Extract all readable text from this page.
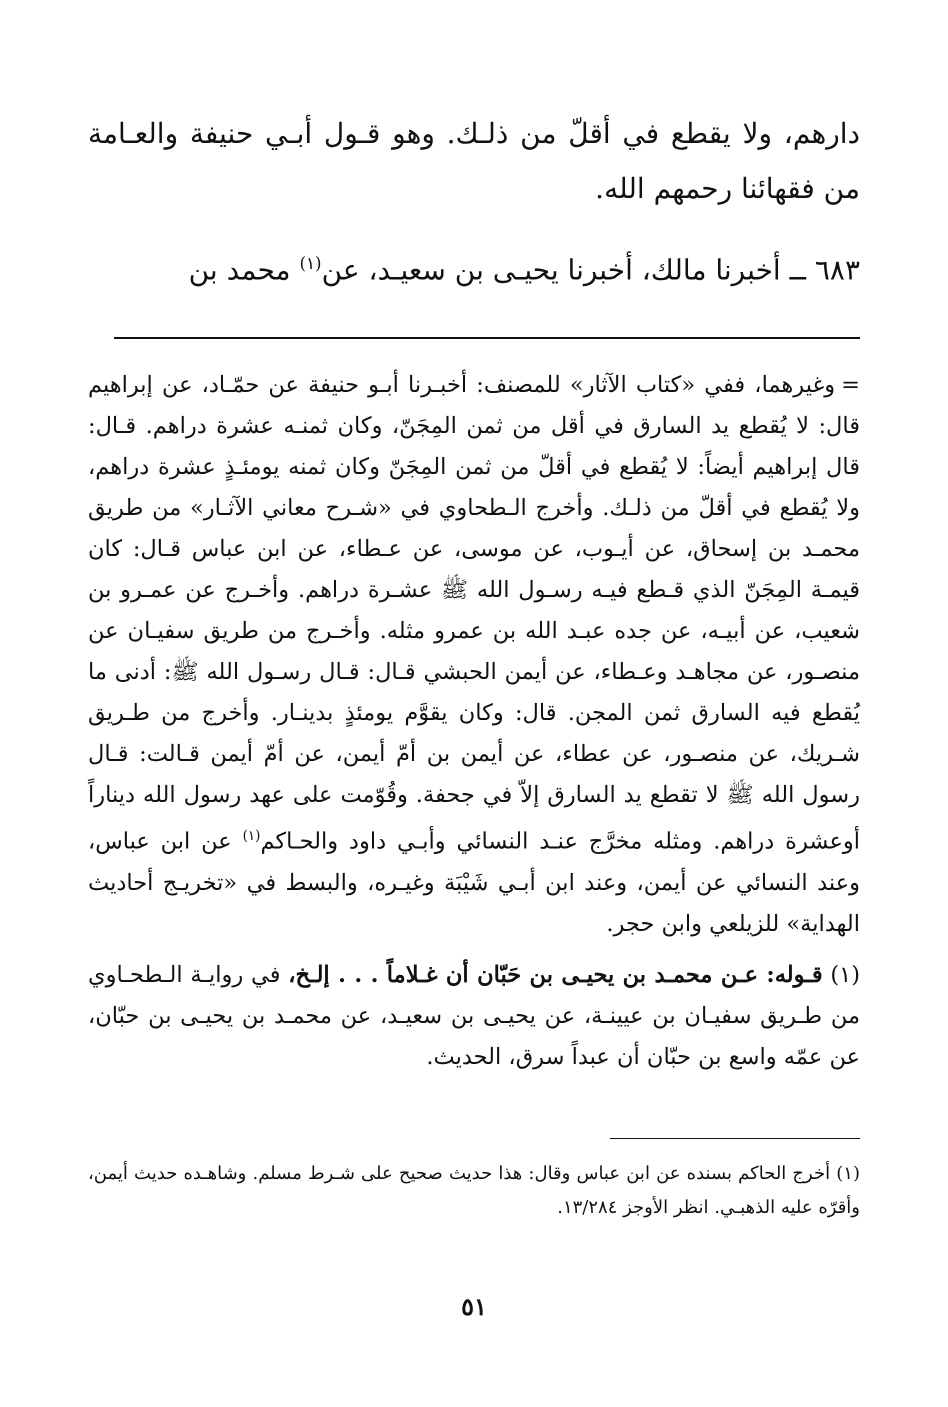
دارهم، ولا يقطع في أقلّ من ذلـك. وهو قـول أبـي حنيفة والعـامة من فقهائنا رحمهم الله.

٦٨٣ ــ أخبرنا مالك، أخبرنا يحيـى بن سعيـد، عن$^{(١)}$ محمد بن

=وغيرهما، ففي «كتاب الآثار» للمصنف: أخبـرنا أبـو حنيفة عن حمّـاد، عن إبراهيم قال: لا يُقطع يد السارق في أقل من ثمن المِجَنّ، وكان ثمنـه عشرة دراهم. قـال: قال إبراهيم أيضاً: لا يُقطع في أقلّ من ثمن المِجَنّ وكان ثمنه يومئـذٍ عشرة دراهم، ولا يُقطع في أقلّ من ذلـك. وأخرج الـطحاوي في «شـرح معاني الآثـار» من طريق محمـد بن إسحاق، عن أيـوب، عن موسى، عن عـطاء، عن ابن عباس قـال: كان قيمـة المِجَنّ الذي قـطع فيـه رسـول الله ﷺ عشـرة دراهم. وأخـرج عن عمـرو بن شعيب، عن أبيـه، عن جده عبـد الله بن عمرو مثله. وأخـرج من طريق سفيـان عن منصـور، عن مجاهـد وعـطاء، عن أيمن الحبشي قـال: قـال رسـول الله ﷺ: أدنى ما يُقطع فيه السارق ثمن المجن. قال: وكان يقوَّم يومئذٍ بدينـار. وأخرج من طـريق شـريك، عن منصـور، عن عطاء، عن أيمن بن أمّ أيمن، عن أمّ أيمن قـالت: قـال رسول الله ﷺ لا تقطع يد السارق إلاّ في جحفة. وقُوّمت على عهد رسول الله ديناراً أوعشرة دراهم. ومثله مخرَّج عنـد النسائي وأبـي داود والحـاكم$^{(١)}$ عن ابن عباس، وعند النسائي عن أيمن، وعند ابن أبـي شَيْبَة وغيـره، والبسط في «تخريـج أحاديث الهداية» للزيلعي وابن حجر.

(١) قـوله: عـن محمـد بن يحيـى بن حَبّان أن غـلاماً . . . إلـخ، في روايـة الـطحـاوي من طـريق سفيـان بن عيينـة، عن يحيـى بن سعيـد، عن محمـد بن يحيـى بن حبّان، عن عمّه واسع بن حبّان أن عبداً سرق، الحديث.

(١) أخرج الحاكم بسنده عن ابن عباس وقال: هذا حديث صحيح على شـرط مسلم. وشاهـده حديث أيمن، وأقرّه عليه الذهبـي. انظر الأوجز ١٣/٢٨٤.

٥١
